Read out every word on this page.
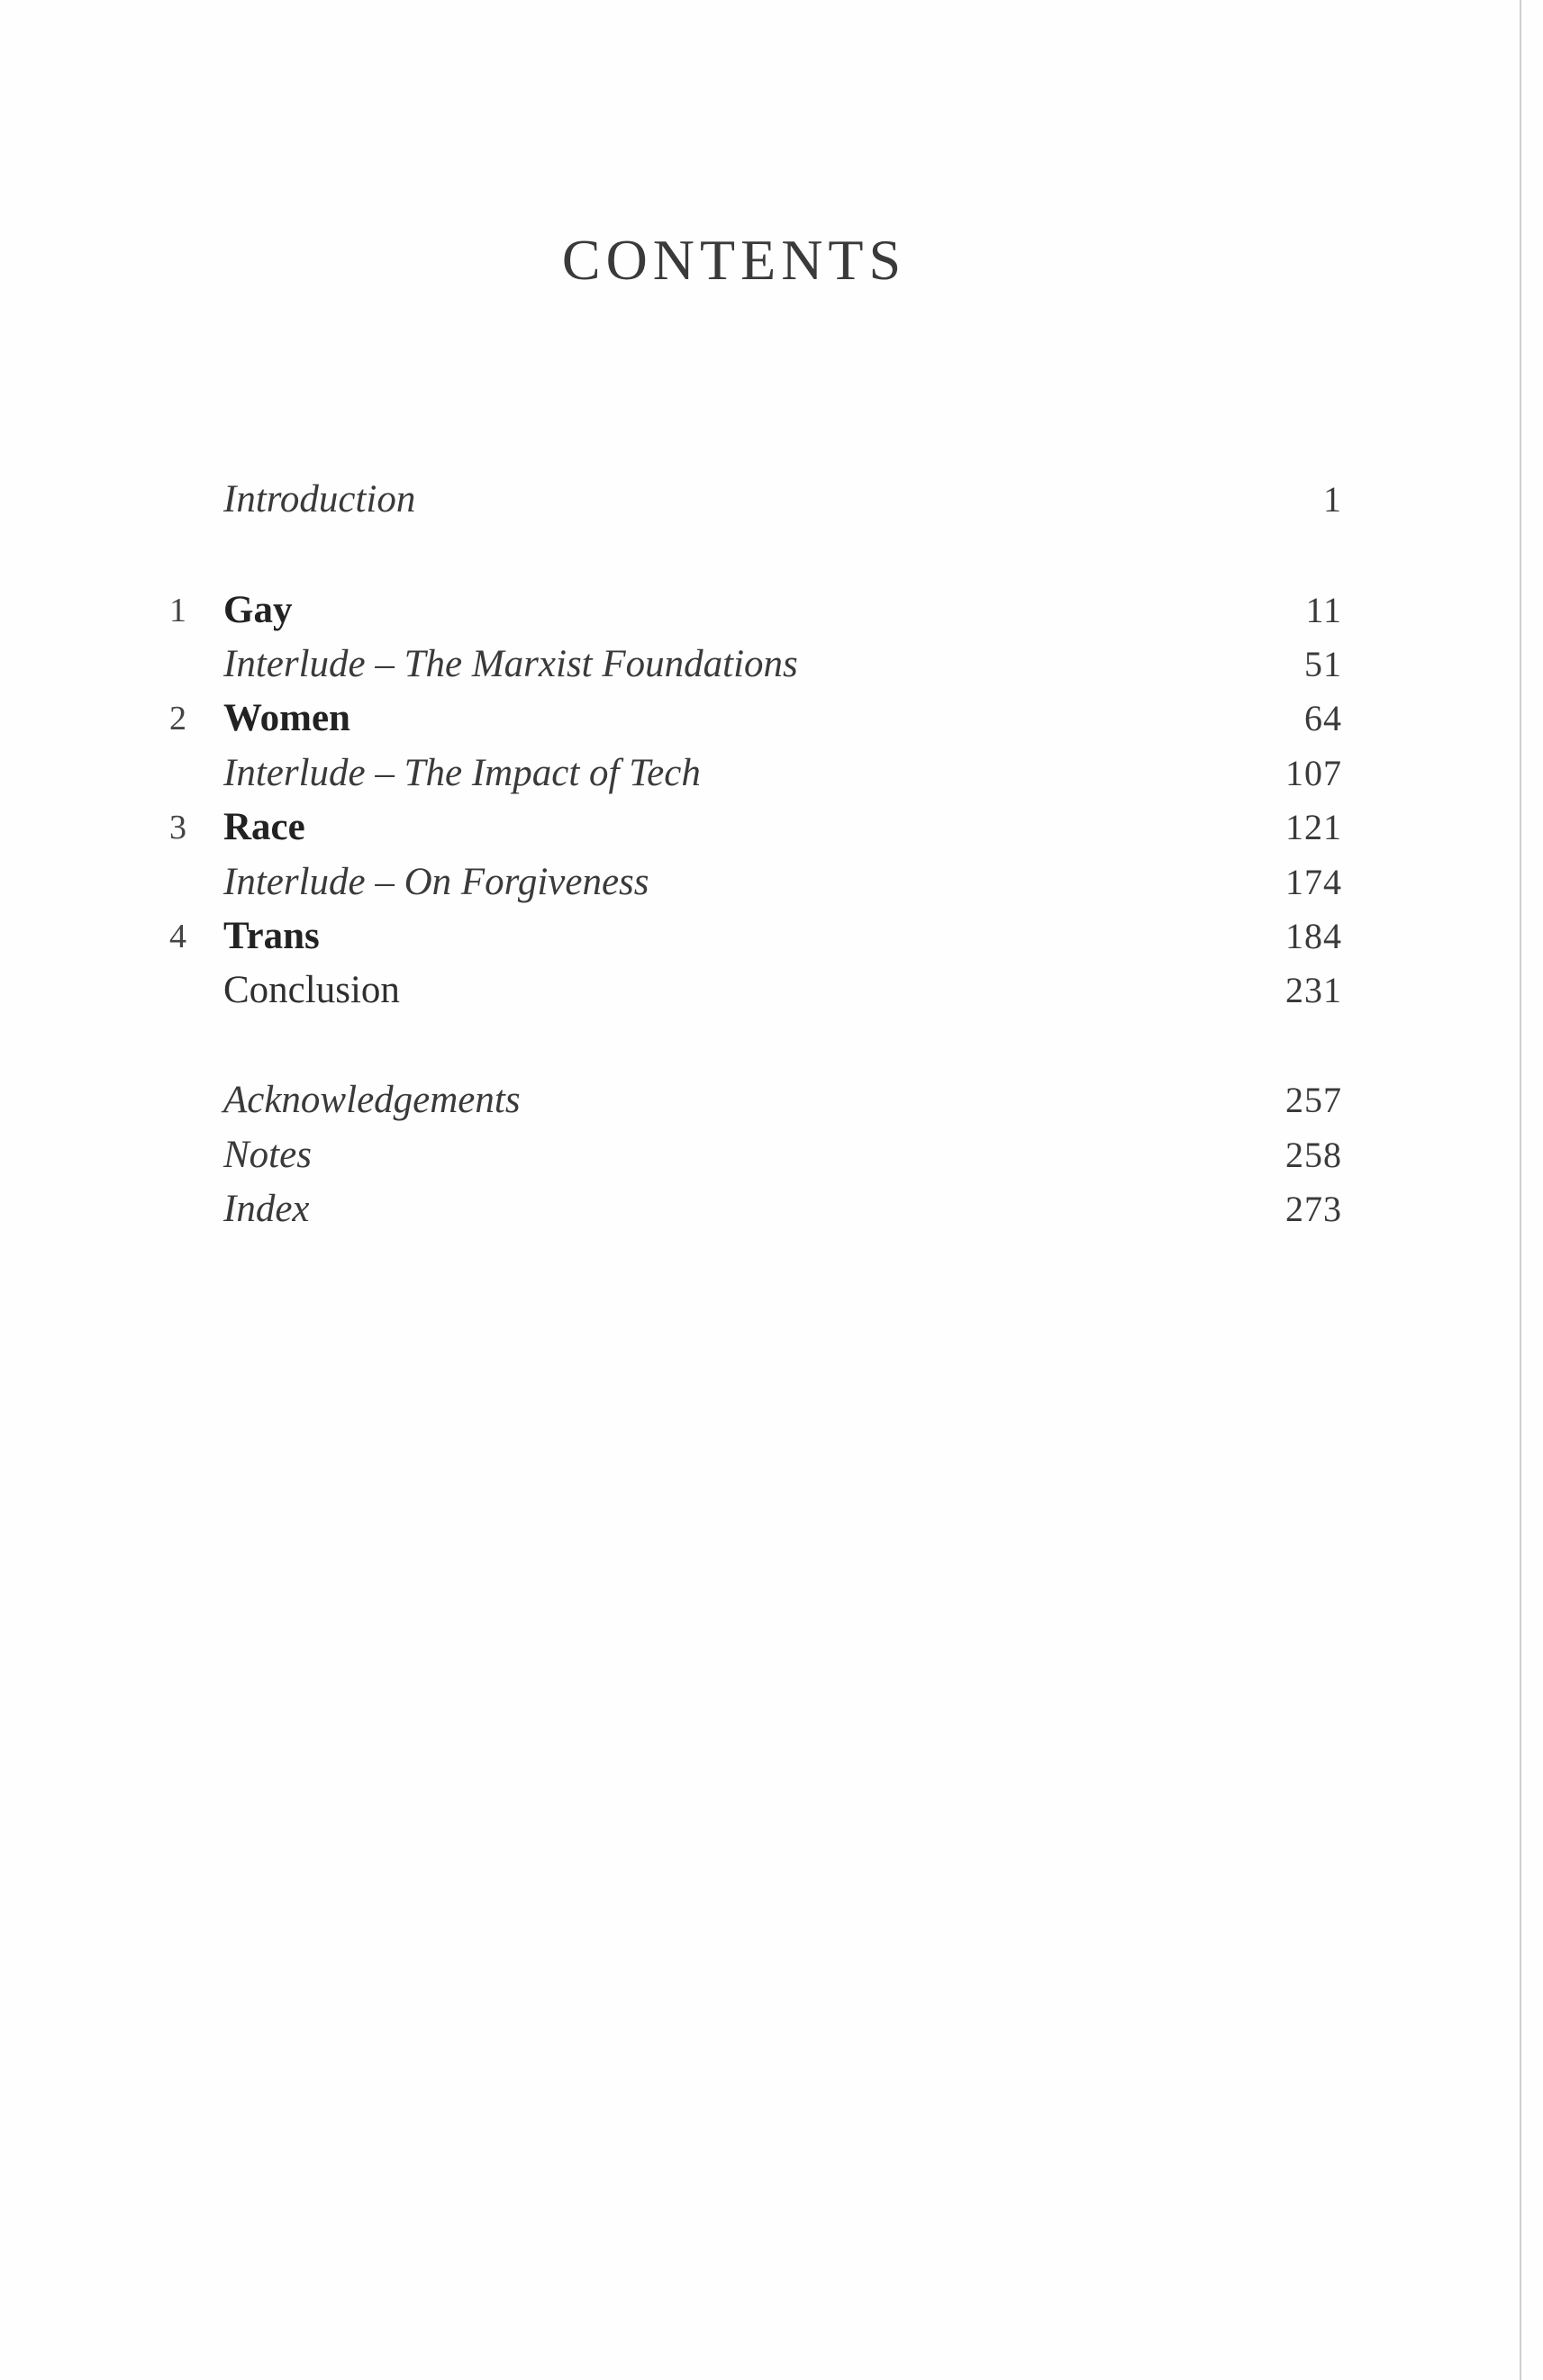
CONTENTS
Introduction	1
1 Gay	11
Interlude – The Marxist Foundations	51
2 Women	64
Interlude – The Impact of Tech	107
3 Race	121
Interlude – On Forgiveness	174
4 Trans	184
Conclusion	231
Acknowledgements	257
Notes	258
Index	273
